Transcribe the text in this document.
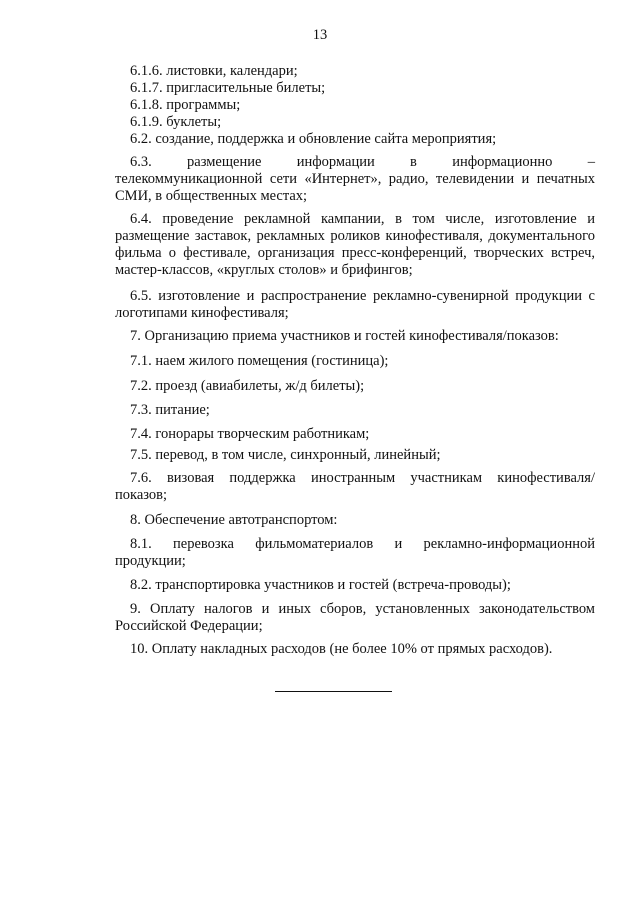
13
6.1.6. листовки, календари;
6.1.7. пригласительные билеты;
6.1.8. программы;
6.1.9. буклеты;
6.2. создание, поддержка и обновление сайта мероприятия;
6.3. размещение информации в информационно –
телекоммуникационной сети «Интернет», радио, телевидении и печатных СМИ, в общественных местах;
6.4. проведение рекламной кампании, в том числе, изготовление и размещение заставок, рекламных роликов кинофестиваля, документального фильма о фестивале, организация пресс-конференций, творческих встреч, мастер-классов, «круглых столов» и брифингов;
6.5. изготовление и распространение рекламно-сувенирной продукции с логотипами кинофестиваля;
7. Организацию приема участников и гостей кинофестиваля/показов:
7.1. наем жилого помещения (гостиница);
7.2. проезд (авиабилеты, ж/д билеты);
7.3. питание;
7.4. гонорары творческим работникам;
7.5. перевод, в том числе, синхронный, линейный;
7.6. визовая поддержка иностранным участникам кинофестиваля/
показов;
8. Обеспечение автотранспортом:
8.1. перевозка фильмоматериалов и рекламно-информационной
продукции;
8.2. транспортировка участников и гостей (встреча-проводы);
9. Оплату налогов и иных сборов, установленных законодательством Российской Федерации;
10. Оплату накладных расходов (не более 10% от прямых расходов).
